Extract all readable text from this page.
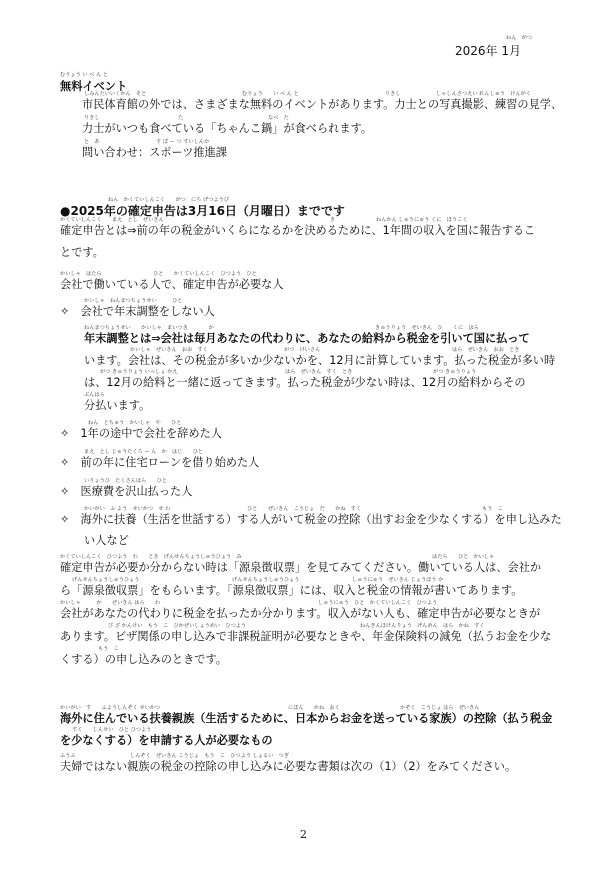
2026年 1月
無料イベント
市民体育館の外では、さまざまな無料のイベントがあります。力士との写真撮影、練習の見学、
力士がいつも食べている「ちゃんこ鍋」が食べられます。
問い合わせ：スポーツ推進課
●2025年の確定申告は3月16日（月曜日）までです
確定申告とは⇒前の年の税金がいくらになるかを決めるために、1年間の収入を国に報告するこ
とです。
会社で働いている人で、確定申告が必要な人
✧　会社で年末調整をしない人
年末調整とは⇒会社は毎月あなたの代わりに、あなたの給料から税金を引いて国に払って
います。会社は、その税金が多いか少ないかを、12月に計算しています。払った税金が多い時
は、12月の給料と一緒に返ってきます。払った税金が少ない時は、12月の給料からその
分払います。
✧　1年の途中で会社を辞めた人
✧　前の年に住宅ローンを借り始めた人
✧　医療費を沢山払った人
✧　海外に扶養（生活を世話する）する人がいて税金の控除（出すお金を少なくする）を申し込みた
い人など
確定申告が必要か分からない時は「源泉徴収票」を見てみてください。働いている人は、会社か
ら「源泉徴収票」をもらいます。「源泉徴収票」には、収入と税金の情報が書いてあります。
会社があなたの代わりに税金を払ったか分かります。収入がない人も、確定申告が必要なときが
あります。ビザ関係の申し込みで非課税証明が必要なときや、年金保険料の減免（払うお金を少な
くする）の申し込みのときです。
海外に住んでいる扶養親族（生活するために、日本からお金を送っている家族）の控除（払う税金
を少なくする）を申請する人が必要なもの
夫婦ではない親族の税金の控除の申し込みに必要な書類は次の（1）（2）をみてください。
むりょう い べ ん と
しみんたいいくかん　そと	むりょう　　い べ ん と	りきし	しゃしんさつえい れんしゅう　けんがく
りきし	た	なべ　た
と　あ	す ぽ ー つ すいしんか
ねん　かくていしんこく　　がつ　にち げつようび
かくていしんこく　　まえ　とし　ぜいきん	き	ねんかん しゅうにゅう くに　ほうこく
かいしゃ　はたら	ひと　　かくていしんこく　ひつよう　ひと
かいしゃ　ねんまつちょうせい　　　ひと
ねんまつちょうせい　　かいしゃ　まいつき　　　　か	きゅうりょう　ぜいきん　ひ　　くに　はら
かいしゃ　ぜいきん　おお　すく	がつ　けいさん	はら　ぜいきん　おお　とき
がつ きゅうりょう いっしょ かえ	はら　ぜいきん　すく　とき	がつ きゅうりょう
ぶんはら
ねん　とちゅう　かいしゃ　や　　ひと
まえ　とし じゅうたくろ ー ん　か　はじ　　ひと
いりょうひ　たくさんはら　　ひと
かいがい　ふ よう　せいかつ　せ わ	ひと　　ぜいきん　こうじょ　だ　　かね　すく	もう　こ
かくていしんこく　ひつよう　わ　　とき　げんせんちょうしゅうひょう　み	はたら　　ひと　かいしゃ
げんせんちょうしゅうひょう	げんせんちょうしゅうひょう	しゅうにゅう　ぜいきん じょうほう か
かいしゃ　　　か　　ぜいきん はら　　わ	しゅうにゅう　ひと　かくていしんこく　ひつよう
び ざ かんけい　もう　こ　ひかぜいしょうめい　ひつよう	ねんきんほけんりょう　げんめん　はら　かね　すく
もう　こ
かいがい　す　　ふようしんぞく せいかつ	にほん　　かね　おく	かぞく　こうじょ はら　ぜいきん
すく　　しんせい　ひと ひつよう
ふうふ	しんぞく　ぜいきん こうじょ　もう　こ　ひつよう しょるい　つぎ
ねん　がつ
2
